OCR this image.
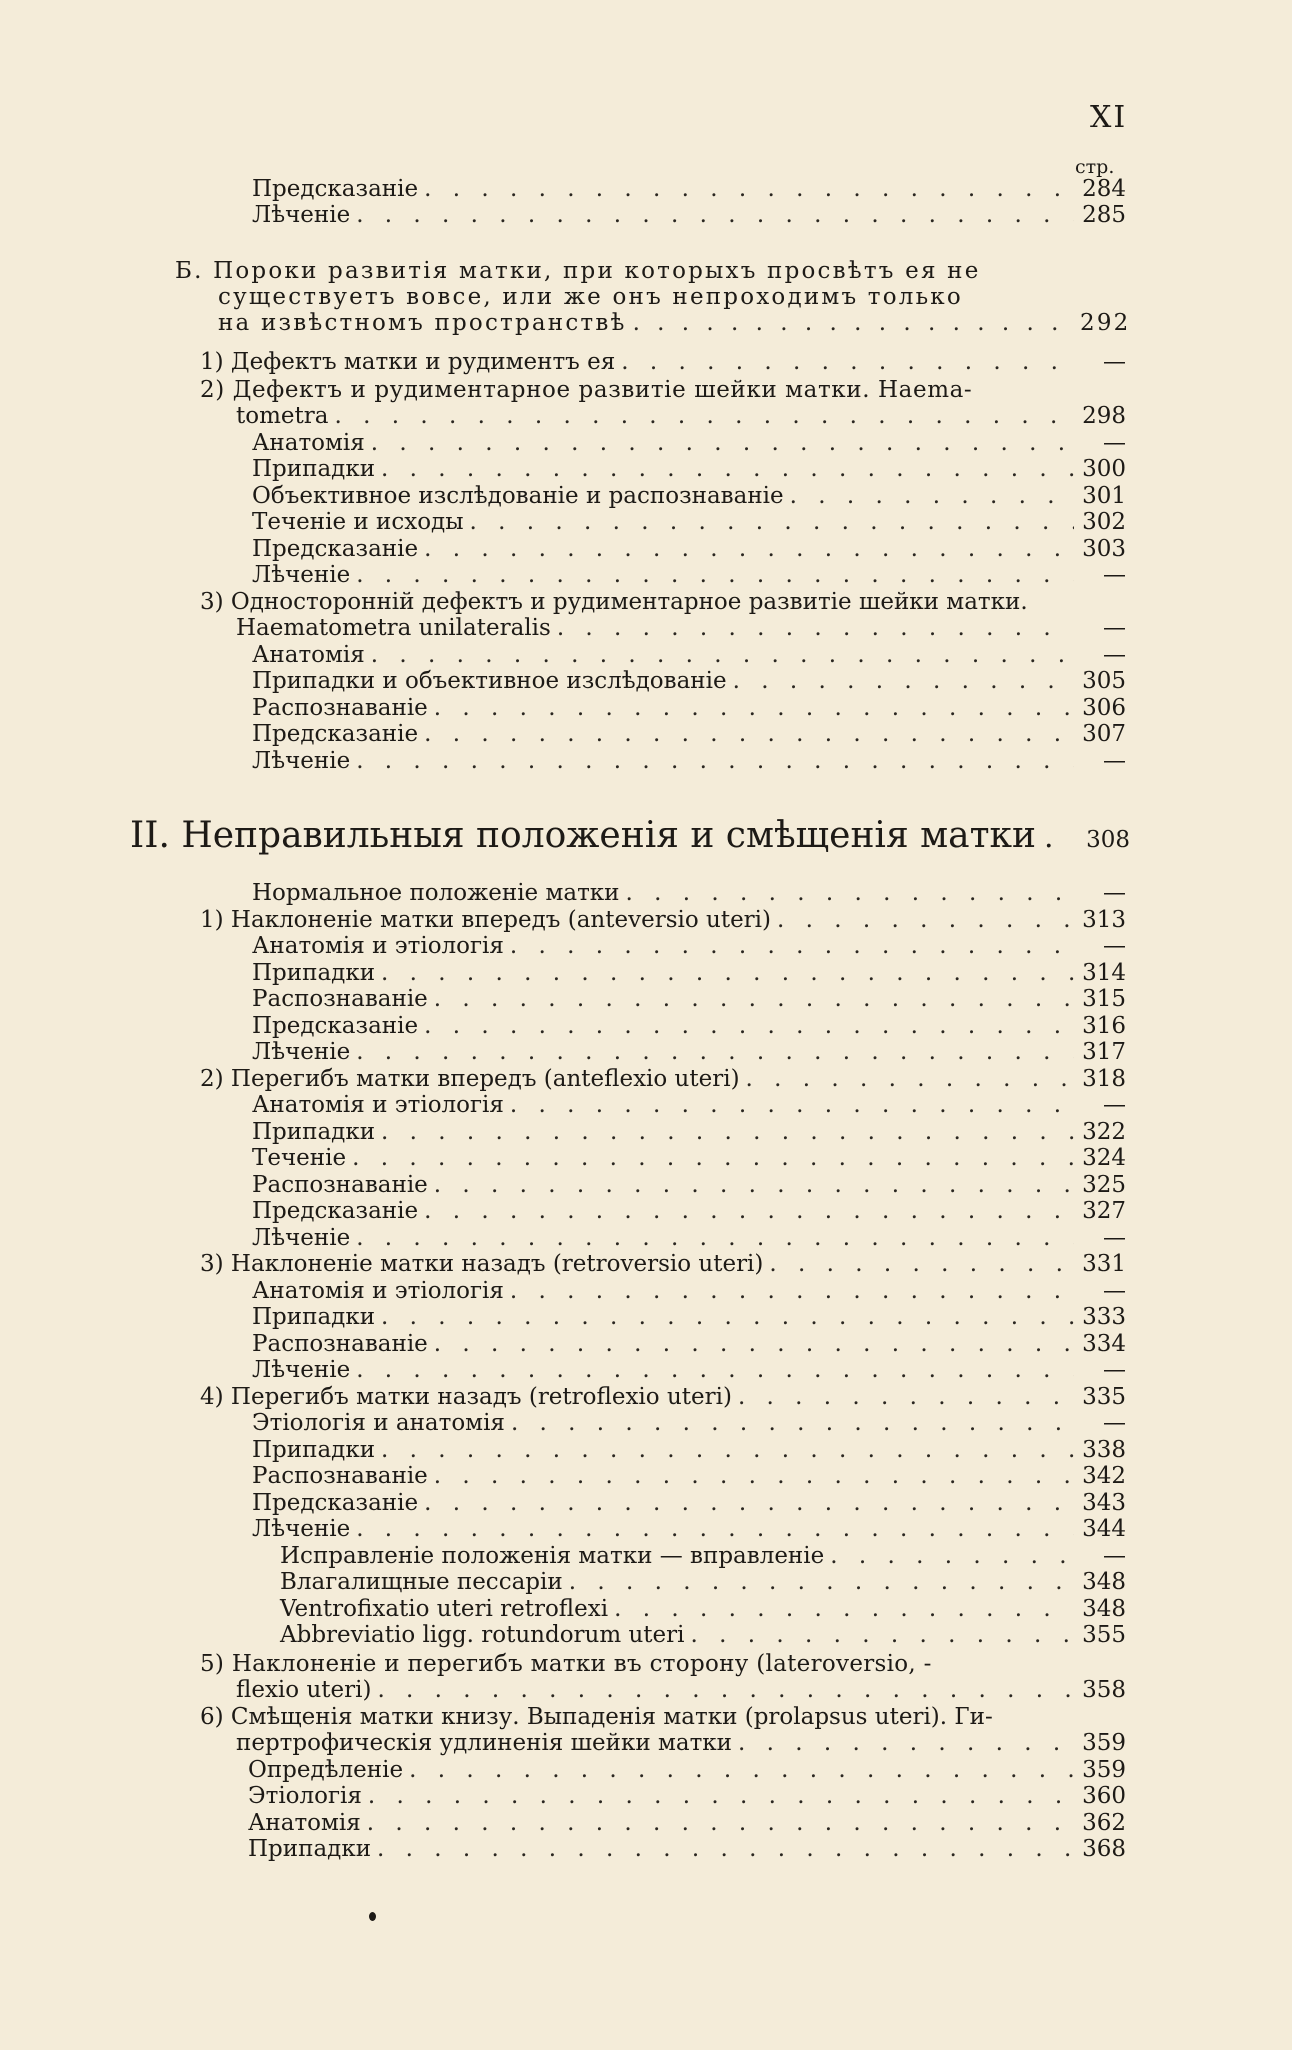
XI
стр.
Предсказаніе . . .	284
Лѣченіе . . .	285
Б. Пороки развитія матки, при которыхъ просвѣтъ ея не
существуетъ вовсе, или же онъ непроходимъ только
на извѣстномъ пространствѣ . . .	292
1) Дефектъ матки и рудиментъ ея . . .	—
2) Дефектъ и рудиментарное развитіе шейки матки. Haema-
tometra . . .	298
Анатомія . . .	—
Припадки . . .	300
Объективное изслѣдованіе и распознаваніе . . .	301
Теченіе и исходы . . .	302
Предсказаніе . . .	303
Лѣченіе . . .	—
3) Односторонній дефектъ и рудиментарное развитіе шейки матки.
Haematometra unilateralis . . .	—
Анатомія . . .	—
Припадки и объективное изслѣдованіе . . .	305
Распознаваніе . . .	306
Предсказаніе . . .	307
Лѣченіе . . .	—
II. Неправильныя положенія и смѣщенія матки . . . 308
Нормальное положеніе матки . . .	—
1) Наклоненіе матки впередъ (anteversio uteri) . . .	313
Анатомія и этіологія . . .	—
Припадки . . .	314
Распознаваніе . . .	315
Предсказаніе . . .	316
Лѣченіе . . .	317
2) Перегибъ матки впередъ (anteflexio uteri) . . .	318
Анатомія и этіологія . . .	—
Припадки . . .	322
Теченіе . . .	324
Распознаваніе . . .	325
Предсказаніе . . .	327
Лѣченіе . . .	—
3) Наклоненіе матки назадъ (retroversio uteri) . . .	331
Анатомія и этіологія . . .	—
Припадки . . .	333
Распознаваніе . . .	334
Лѣченіе . . .	—
4) Перегибъ матки назадъ (retroflexio uteri) . . .	335
Этіологія и анатомія . . .	—
Припадки . . .	338
Распознаваніе . . .	342
Предсказаніе . . .	343
Лѣченіе . . .	344
Исправленіе положенія матки — вправленіе . . .	—
Влагалищные пессаріи . . .	348
Ventrofixatio uteri retroflexi . . .	348
Abbreviatio ligg. rotundorum uteri . . .	355
5) Наклоненіе и перегибъ матки въ сторону (lateroversio, -
flexio uteri) . . .	358
6) Смѣщенія матки книзу. Выпаденія матки (prolapsus uteri). Ги-
пертрофическія удлиненія шейки матки . . .	359
Опредѣленіе . . .	359
Этіологія . . .	360
Анатомія . . .	362
Припадки . . .	368
